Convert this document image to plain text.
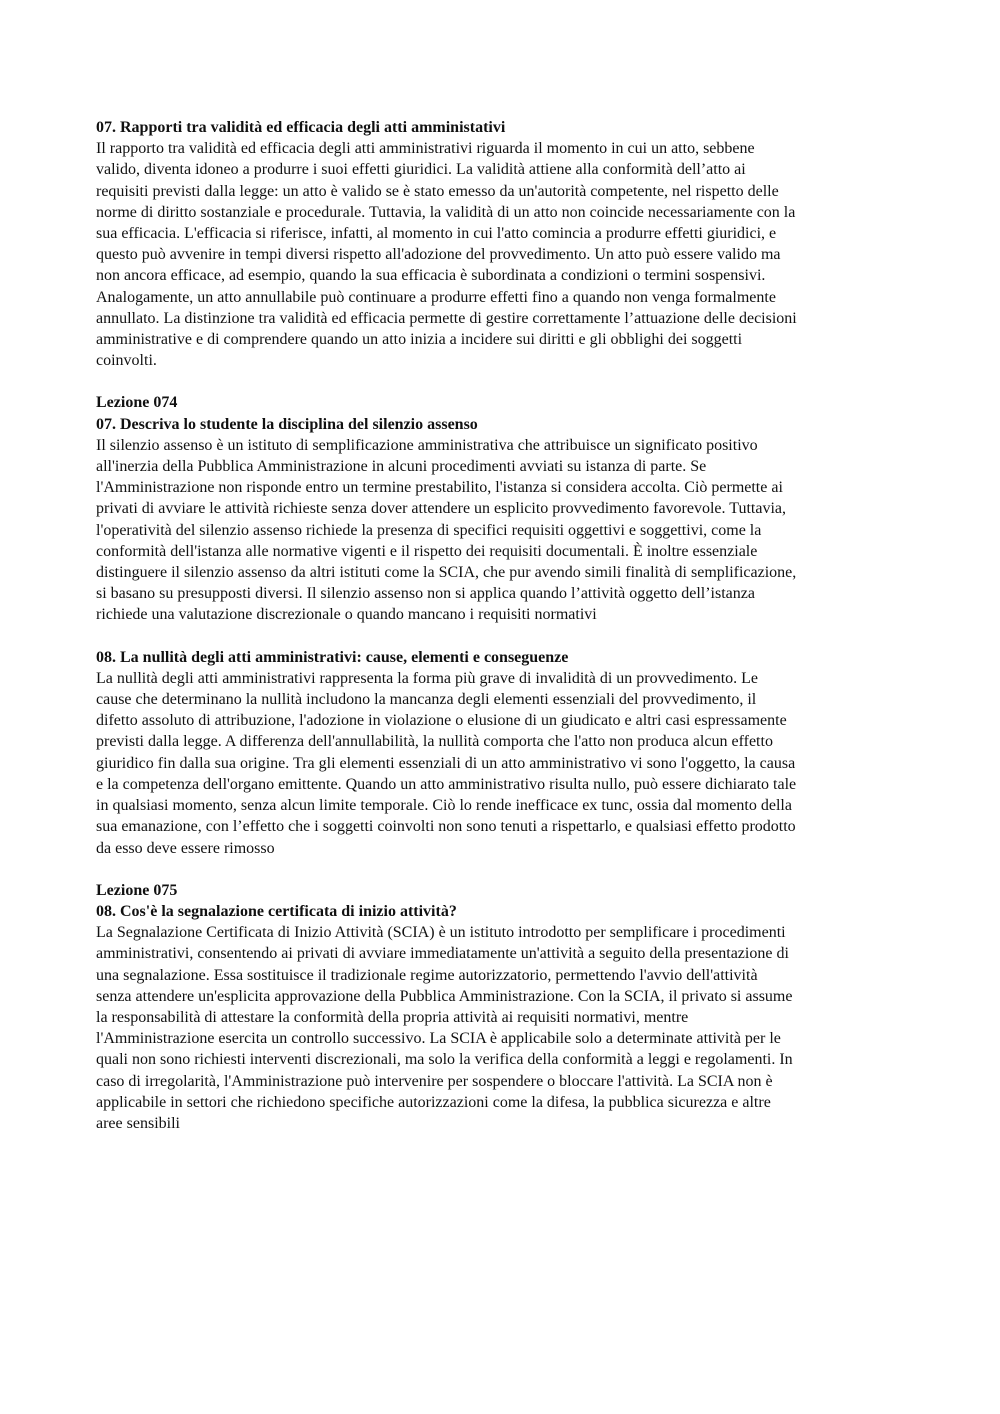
07. Rapporti tra validità ed efficacia degli atti amministativi
Il rapporto tra validità ed efficacia degli atti amministrativi riguarda il momento in cui un atto, sebbene
valido, diventa idoneo a produrre i suoi effetti giuridici. La validità attiene alla conformità dell’atto ai
requisiti previsti dalla legge: un atto è valido se è stato emesso da un'autorità competente, nel rispetto delle
norme di diritto sostanziale e procedurale. Tuttavia, la validità di un atto non coincide necessariamente con la
sua efficacia. L'efficacia si riferisce, infatti, al momento in cui l'atto comincia a produrre effetti giuridici, e
questo può avvenire in tempi diversi rispetto all'adozione del provvedimento. Un atto può essere valido ma
non ancora efficace, ad esempio, quando la sua efficacia è subordinata a condizioni o termini sospensivi.
Analogamente, un atto annullabile può continuare a produrre effetti fino a quando non venga formalmente
annullato. La distinzione tra validità ed efficacia permette di gestire correttamente l’attuazione delle decisioni
amministrative e di comprendere quando un atto inizia a incidere sui diritti e gli obblighi dei soggetti
coinvolti.
Lezione 074
07. Descriva lo studente la disciplina del silenzio assenso
Il silenzio assenso è un istituto di semplificazione amministrativa che attribuisce un significato positivo
all'inerzia della Pubblica Amministrazione in alcuni procedimenti avviati su istanza di parte. Se
l'Amministrazione non risponde entro un termine prestabilito, l'istanza si considera accolta. Ciò permette ai
privati di avviare le attività richieste senza dover attendere un esplicito provvedimento favorevole. Tuttavia,
l'operatività del silenzio assenso richiede la presenza di specifici requisiti oggettivi e soggettivi, come la
conformità dell'istanza alle normative vigenti e il rispetto dei requisiti documentali. È inoltre essenziale
distinguere il silenzio assenso da altri istituti come la SCIA, che pur avendo simili finalità di semplificazione,
si basano su presupposti diversi. Il silenzio assenso non si applica quando l’attività oggetto dell’istanza
richiede una valutazione discrezionale o quando mancano i requisiti normativi
08. La nullità degli atti amministrativi: cause, elementi e conseguenze
La nullità degli atti amministrativi rappresenta la forma più grave di invalidità di un provvedimento. Le
cause che determinano la nullità includono la mancanza degli elementi essenziali del provvedimento, il
difetto assoluto di attribuzione, l'adozione in violazione o elusione di un giudicato e altri casi espressamente
previsti dalla legge. A differenza dell'annullabilità, la nullità comporta che l'atto non produca alcun effetto
giuridico fin dalla sua origine. Tra gli elementi essenziali di un atto amministrativo vi sono l'oggetto, la causa
e la competenza dell'organo emittente. Quando un atto amministrativo risulta nullo, può essere dichiarato tale
in qualsiasi momento, senza alcun limite temporale. Ciò lo rende inefficace ex tunc, ossia dal momento della
sua emanazione, con l’effetto che i soggetti coinvolti non sono tenuti a rispettarlo, e qualsiasi effetto prodotto
da esso deve essere rimosso
Lezione 075
08. Cos'è la segnalazione certificata di inizio attività?
La Segnalazione Certificata di Inizio Attività (SCIA) è un istituto introdotto per semplificare i procedimenti
amministrativi, consentendo ai privati di avviare immediatamente un'attività a seguito della presentazione di
una segnalazione. Essa sostituisce il tradizionale regime autorizzatorio, permettendo l'avvio dell'attività
senza attendere un'esplicita approvazione della Pubblica Amministrazione. Con la SCIA, il privato si assume
la responsabilità di attestare la conformità della propria attività ai requisiti normativi, mentre
l'Amministrazione esercita un controllo successivo. La SCIA è applicabile solo a determinate attività per le
quali non sono richiesti interventi discrezionali, ma solo la verifica della conformità a leggi e regolamenti. In
caso di irregolarità, l'Amministrazione può intervenire per sospendere o bloccare l'attività. La SCIA non è
applicabile in settori che richiedono specifiche autorizzazioni come la difesa, la pubblica sicurezza e altre
aree sensibili
